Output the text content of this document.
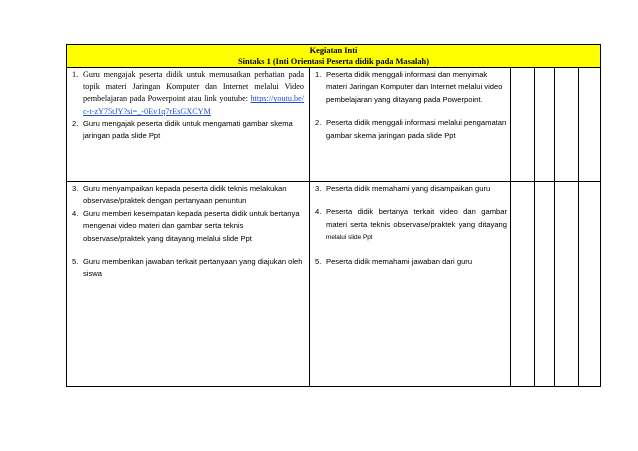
Kegiatan Inti
Sintaks 1 (Inti Orientasi Peserta didik pada Masalah)
1. Guru mengajak peserta didik untuk memusatkan perhatian pada topik materi Jaringan Komputer dan Internet melalui Video pembelajaran pada Powerpoint atau link youtube: https://youtu.be/c-t-zY75tJY?si=_-0Ev1q7rEsGXCYM
2. Guru mengajak peserta didik untuk mengamati gambar skema jaringan pada slide Ppt
1. Peserta didik menggali informasi dan menyimak materi Jaringan Komputer dan Internet melalui video pembelajaran yang ditayang pada Powerpoint.
2. Peserta didik menggali informasi melalui pengamatan gambar skema jaringan pada slide Ppt
3. Guru menyampaikan kepada peserta didik teknis melakukan observase/praktek dengan pertanyaan penuntun
4. Guru memberi kesempatan kepada peserta didik untuk bertanya mengenai video materi dan gambar serta teknis observase/praktek yang ditayang melalui slide Ppt
5. Guru memberikan jawaban terkait pertanyaan yang diajukan oleh siswa
3. Peserta didik memahami yang disampaikan guru
4. Peserta didik bertanya terkait video dan gambar materi serta teknis observase/praktek yang ditayang melalui slide Ppt
5. Peserta didik memahami jawaban dari guru
